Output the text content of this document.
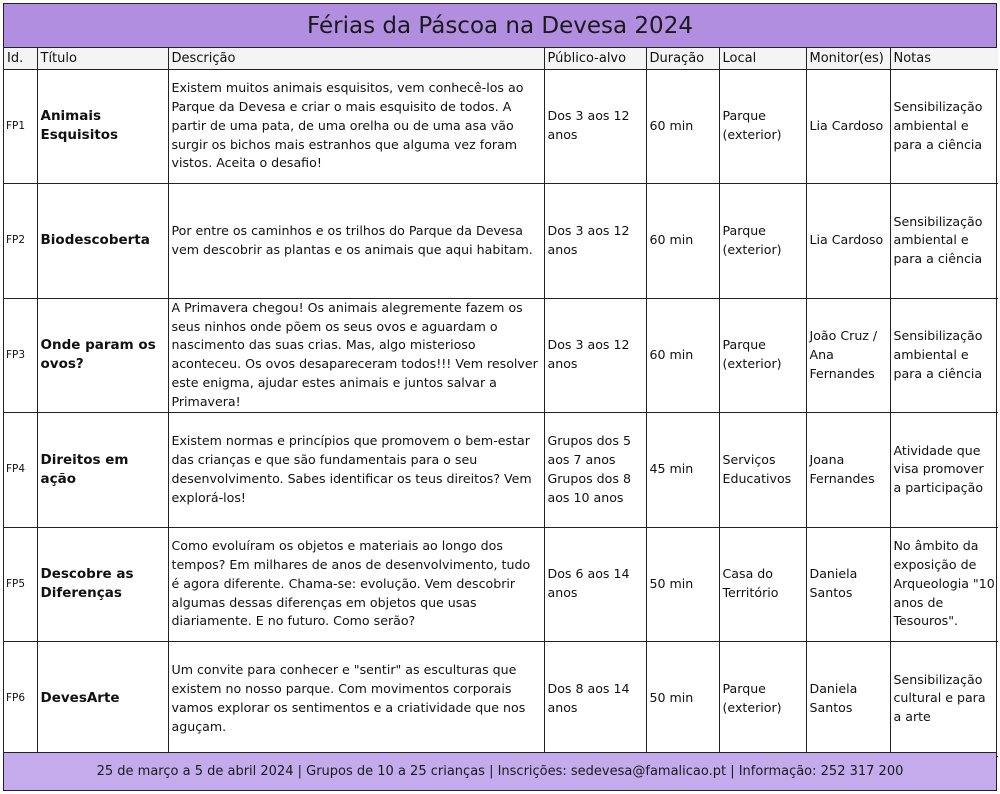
Férias da Páscoa na Devesa 2024
Id.	Título	Descrição	Público-alvo	Duração	Local	Monitor(es)	Notas
FP1	Animais Esquisitos	Existem muitos animais esquisitos, vem conhecê-los ao Parque da Devesa e criar o mais esquisito de todos. A partir de uma pata, de uma orelha ou de uma asa vão surgir os bichos mais estranhos que alguma vez foram vistos. Aceita o desafio!	Dos 3 aos 12 anos	60 min	Parque (exterior)	Lia Cardoso	Sensibilização ambiental e para a ciência
FP2	Biodescoberta	Por entre os caminhos e os trilhos do Parque da Devesa vem descobrir as plantas e os animais que aqui habitam.	Dos 3 aos 12 anos	60 min	Parque (exterior)	Lia Cardoso	Sensibilização ambiental e para a ciência
FP3	Onde param os ovos?	A Primavera chegou! Os animais alegremente fazem os seus ninhos onde põem os seus ovos e aguardam o nascimento das suas crias. Mas, algo misterioso aconteceu. Os ovos desapareceram todos!!! Vem resolver este enigma, ajudar estes animais e juntos salvar a Primavera!	Dos 3 aos 12 anos	60 min	Parque (exterior)	João Cruz / Ana Fernandes	Sensibilização ambiental e para a ciência
FP4	Direitos em ação	Existem normas e princípios que promovem o bem-estar das crianças e que são fundamentais para o seu desenvolvimento. Sabes identificar os teus direitos? Vem explorá-los!	Grupos dos 5 aos 7 anos Grupos dos 8 aos 10 anos	45 min	Serviços Educativos	Joana Fernandes	Atividade que visa promover a participação
FP5	Descobre as Diferenças	Como evoluíram os objetos e materiais ao longo dos tempos? Em milhares de anos de desenvolvimento, tudo é agora diferente. Chama-se: evolução. Vem descobrir algumas dessas diferenças em objetos que usas diariamente. E no futuro. Como serão?	Dos 6 aos 14 anos	50 min	Casa do Território	Daniela Santos	No âmbito da exposição de Arqueologia "10 anos de Tesouros".
FP6	DevesArte	Um convite para conhecer e "sentir" as esculturas que existem no nosso parque. Com movimentos corporais vamos explorar os sentimentos e a criatividade que nos aguçam.	Dos 8 aos 14 anos	50 min	Parque (exterior)	Daniela Santos	Sensibilização cultural e para a arte
25 de março a 5 de abril 2024 | Grupos de 10 a 25 crianças | Inscrições: sedevesa@famalicao.pt | Informação: 252 317 200
